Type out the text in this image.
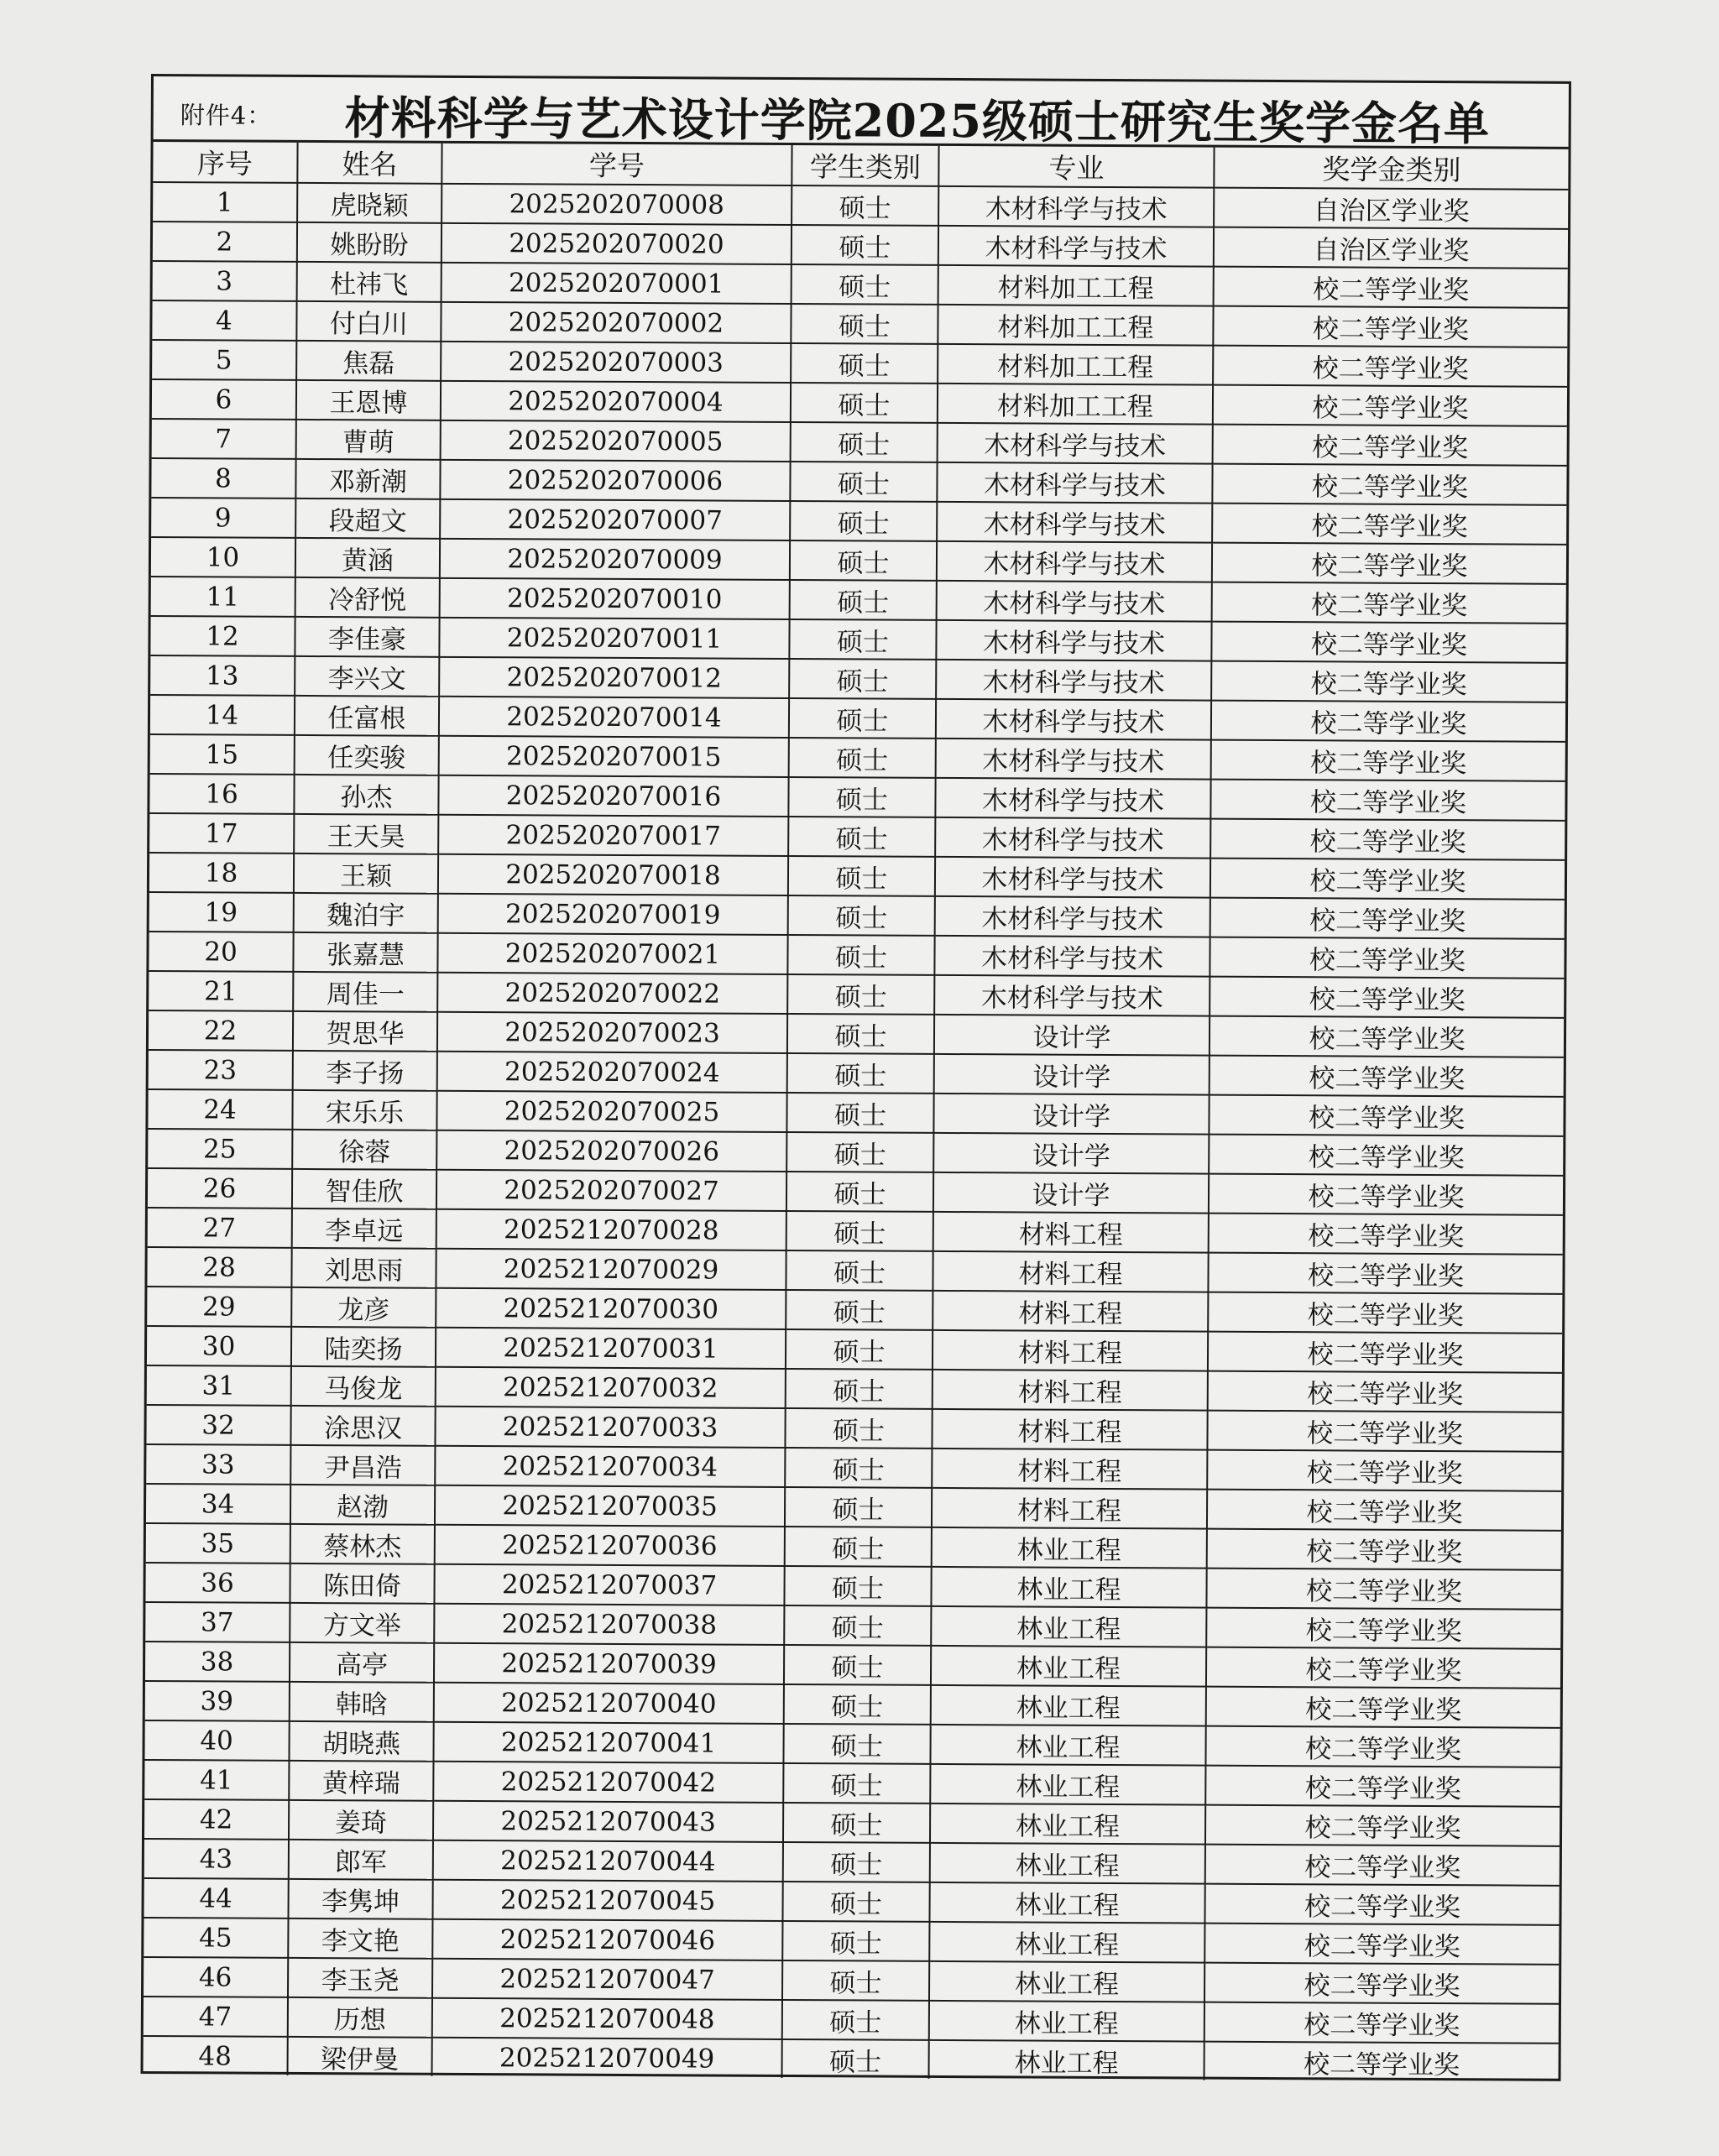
附件4： 材料科学与艺术设计学院2025级硕士研究生奖学金名单
序号	姓名	学号	学生类别	专业	奖学金类别
1	虎晓颖	2025202070008	硕士	木材科学与技术	自治区学业奖
2	姚盼盼	2025202070020	硕士	木材科学与技术	自治区学业奖
3	杜祎飞	2025202070001	硕士	材料加工工程	校二等学业奖
4	付白川	2025202070002	硕士	材料加工工程	校二等学业奖
5	焦磊	2025202070003	硕士	材料加工工程	校二等学业奖
6	王恩博	2025202070004	硕士	材料加工工程	校二等学业奖
7	曹萌	2025202070005	硕士	木材科学与技术	校二等学业奖
8	邓新潮	2025202070006	硕士	木材科学与技术	校二等学业奖
9	段超文	2025202070007	硕士	木材科学与技术	校二等学业奖
10	黄涵	2025202070009	硕士	木材科学与技术	校二等学业奖
11	冷舒悦	2025202070010	硕士	木材科学与技术	校二等学业奖
12	李佳豪	2025202070011	硕士	木材科学与技术	校二等学业奖
13	李兴文	2025202070012	硕士	木材科学与技术	校二等学业奖
14	任富根	2025202070014	硕士	木材科学与技术	校二等学业奖
15	任奕骏	2025202070015	硕士	木材科学与技术	校二等学业奖
16	孙杰	2025202070016	硕士	木材科学与技术	校二等学业奖
17	王天昊	2025202070017	硕士	木材科学与技术	校二等学业奖
18	王颖	2025202070018	硕士	木材科学与技术	校二等学业奖
19	魏泊宇	2025202070019	硕士	木材科学与技术	校二等学业奖
20	张嘉慧	2025202070021	硕士	木材科学与技术	校二等学业奖
21	周佳一	2025202070022	硕士	木材科学与技术	校二等学业奖
22	贺思华	2025202070023	硕士	设计学	校二等学业奖
23	李子扬	2025202070024	硕士	设计学	校二等学业奖
24	宋乐乐	2025202070025	硕士	设计学	校二等学业奖
25	徐蓉	2025202070026	硕士	设计学	校二等学业奖
26	智佳欣	2025202070027	硕士	设计学	校二等学业奖
27	李卓远	2025212070028	硕士	材料工程	校二等学业奖
28	刘思雨	2025212070029	硕士	材料工程	校二等学业奖
29	龙彦	2025212070030	硕士	材料工程	校二等学业奖
30	陆奕扬	2025212070031	硕士	材料工程	校二等学业奖
31	马俊龙	2025212070032	硕士	材料工程	校二等学业奖
32	涂思汉	2025212070033	硕士	材料工程	校二等学业奖
33	尹昌浩	2025212070034	硕士	材料工程	校二等学业奖
34	赵渤	2025212070035	硕士	材料工程	校二等学业奖
35	蔡林杰	2025212070036	硕士	林业工程	校二等学业奖
36	陈田倚	2025212070037	硕士	林业工程	校二等学业奖
37	方文举	2025212070038	硕士	林业工程	校二等学业奖
38	高亭	2025212070039	硕士	林业工程	校二等学业奖
39	韩晗	2025212070040	硕士	林业工程	校二等学业奖
40	胡晓燕	2025212070041	硕士	林业工程	校二等学业奖
41	黄梓瑞	2025212070042	硕士	林业工程	校二等学业奖
42	姜琦	2025212070043	硕士	林业工程	校二等学业奖
43	郎军	2025212070044	硕士	林业工程	校二等学业奖
44	李隽坤	2025212070045	硕士	林业工程	校二等学业奖
45	李文艳	2025212070046	硕士	林业工程	校二等学业奖
46	李玉尧	2025212070047	硕士	林业工程	校二等学业奖
47	历想	2025212070048	硕士	林业工程	校二等学业奖
48	梁伊曼	2025212070049	硕士	林业工程	校二等学业奖
